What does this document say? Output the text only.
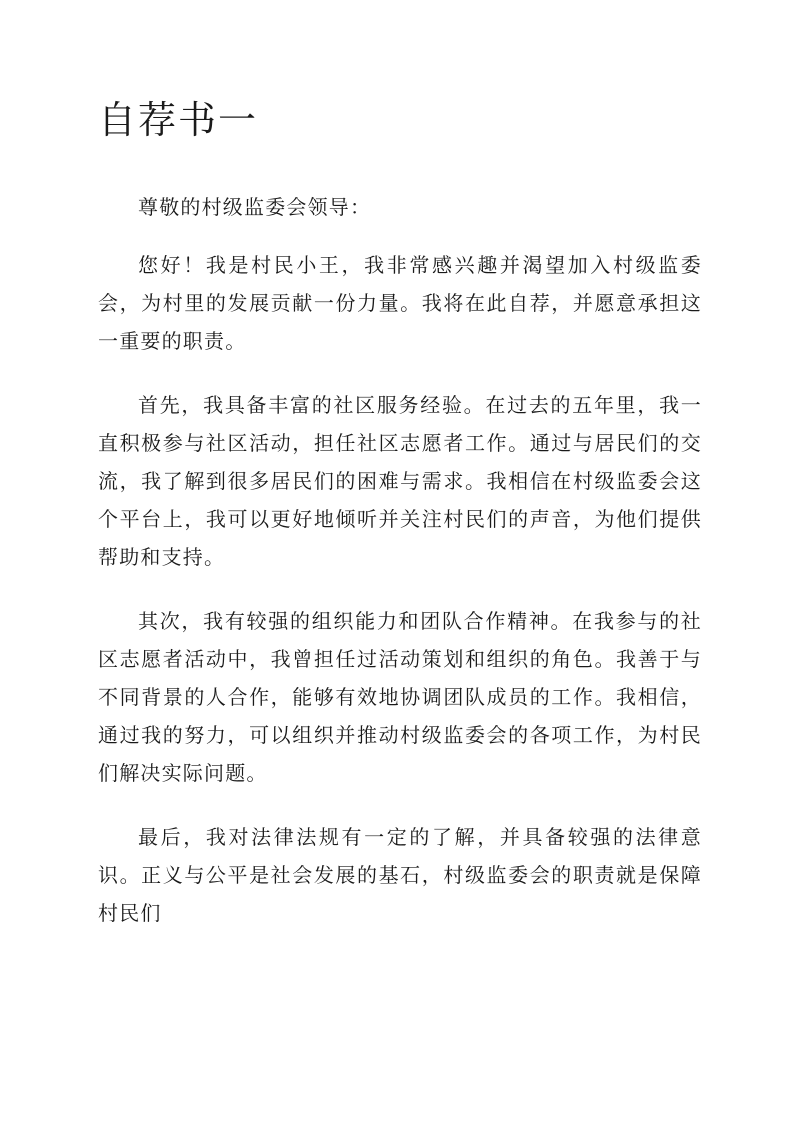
自荐书一

尊敬的村级监委会领导：

您好！我是村民小王，我非常感兴趣并渴望加入村级监委会，为村里的发展贡献一份力量。我将在此自荐，并愿意承担这一重要的职责。

首先，我具备丰富的社区服务经验。在过去的五年里，我一直积极参与社区活动，担任社区志愿者工作。通过与居民们的交流，我了解到很多居民们的困难与需求。我相信在村级监委会这个平台上，我可以更好地倾听并关注村民们的声音，为他们提供帮助和支持。

其次，我有较强的组织能力和团队合作精神。在我参与的社区志愿者活动中，我曾担任过活动策划和组织的角色。我善于与不同背景的人合作，能够有效地协调团队成员的工作。我相信，通过我的努力，可以组织并推动村级监委会的各项工作，为村民们解决实际问题。

最后，我对法律法规有一定的了解，并具备较强的法律意识。正义与公平是社会发展的基石，村级监委会的职责就是保障村民们
